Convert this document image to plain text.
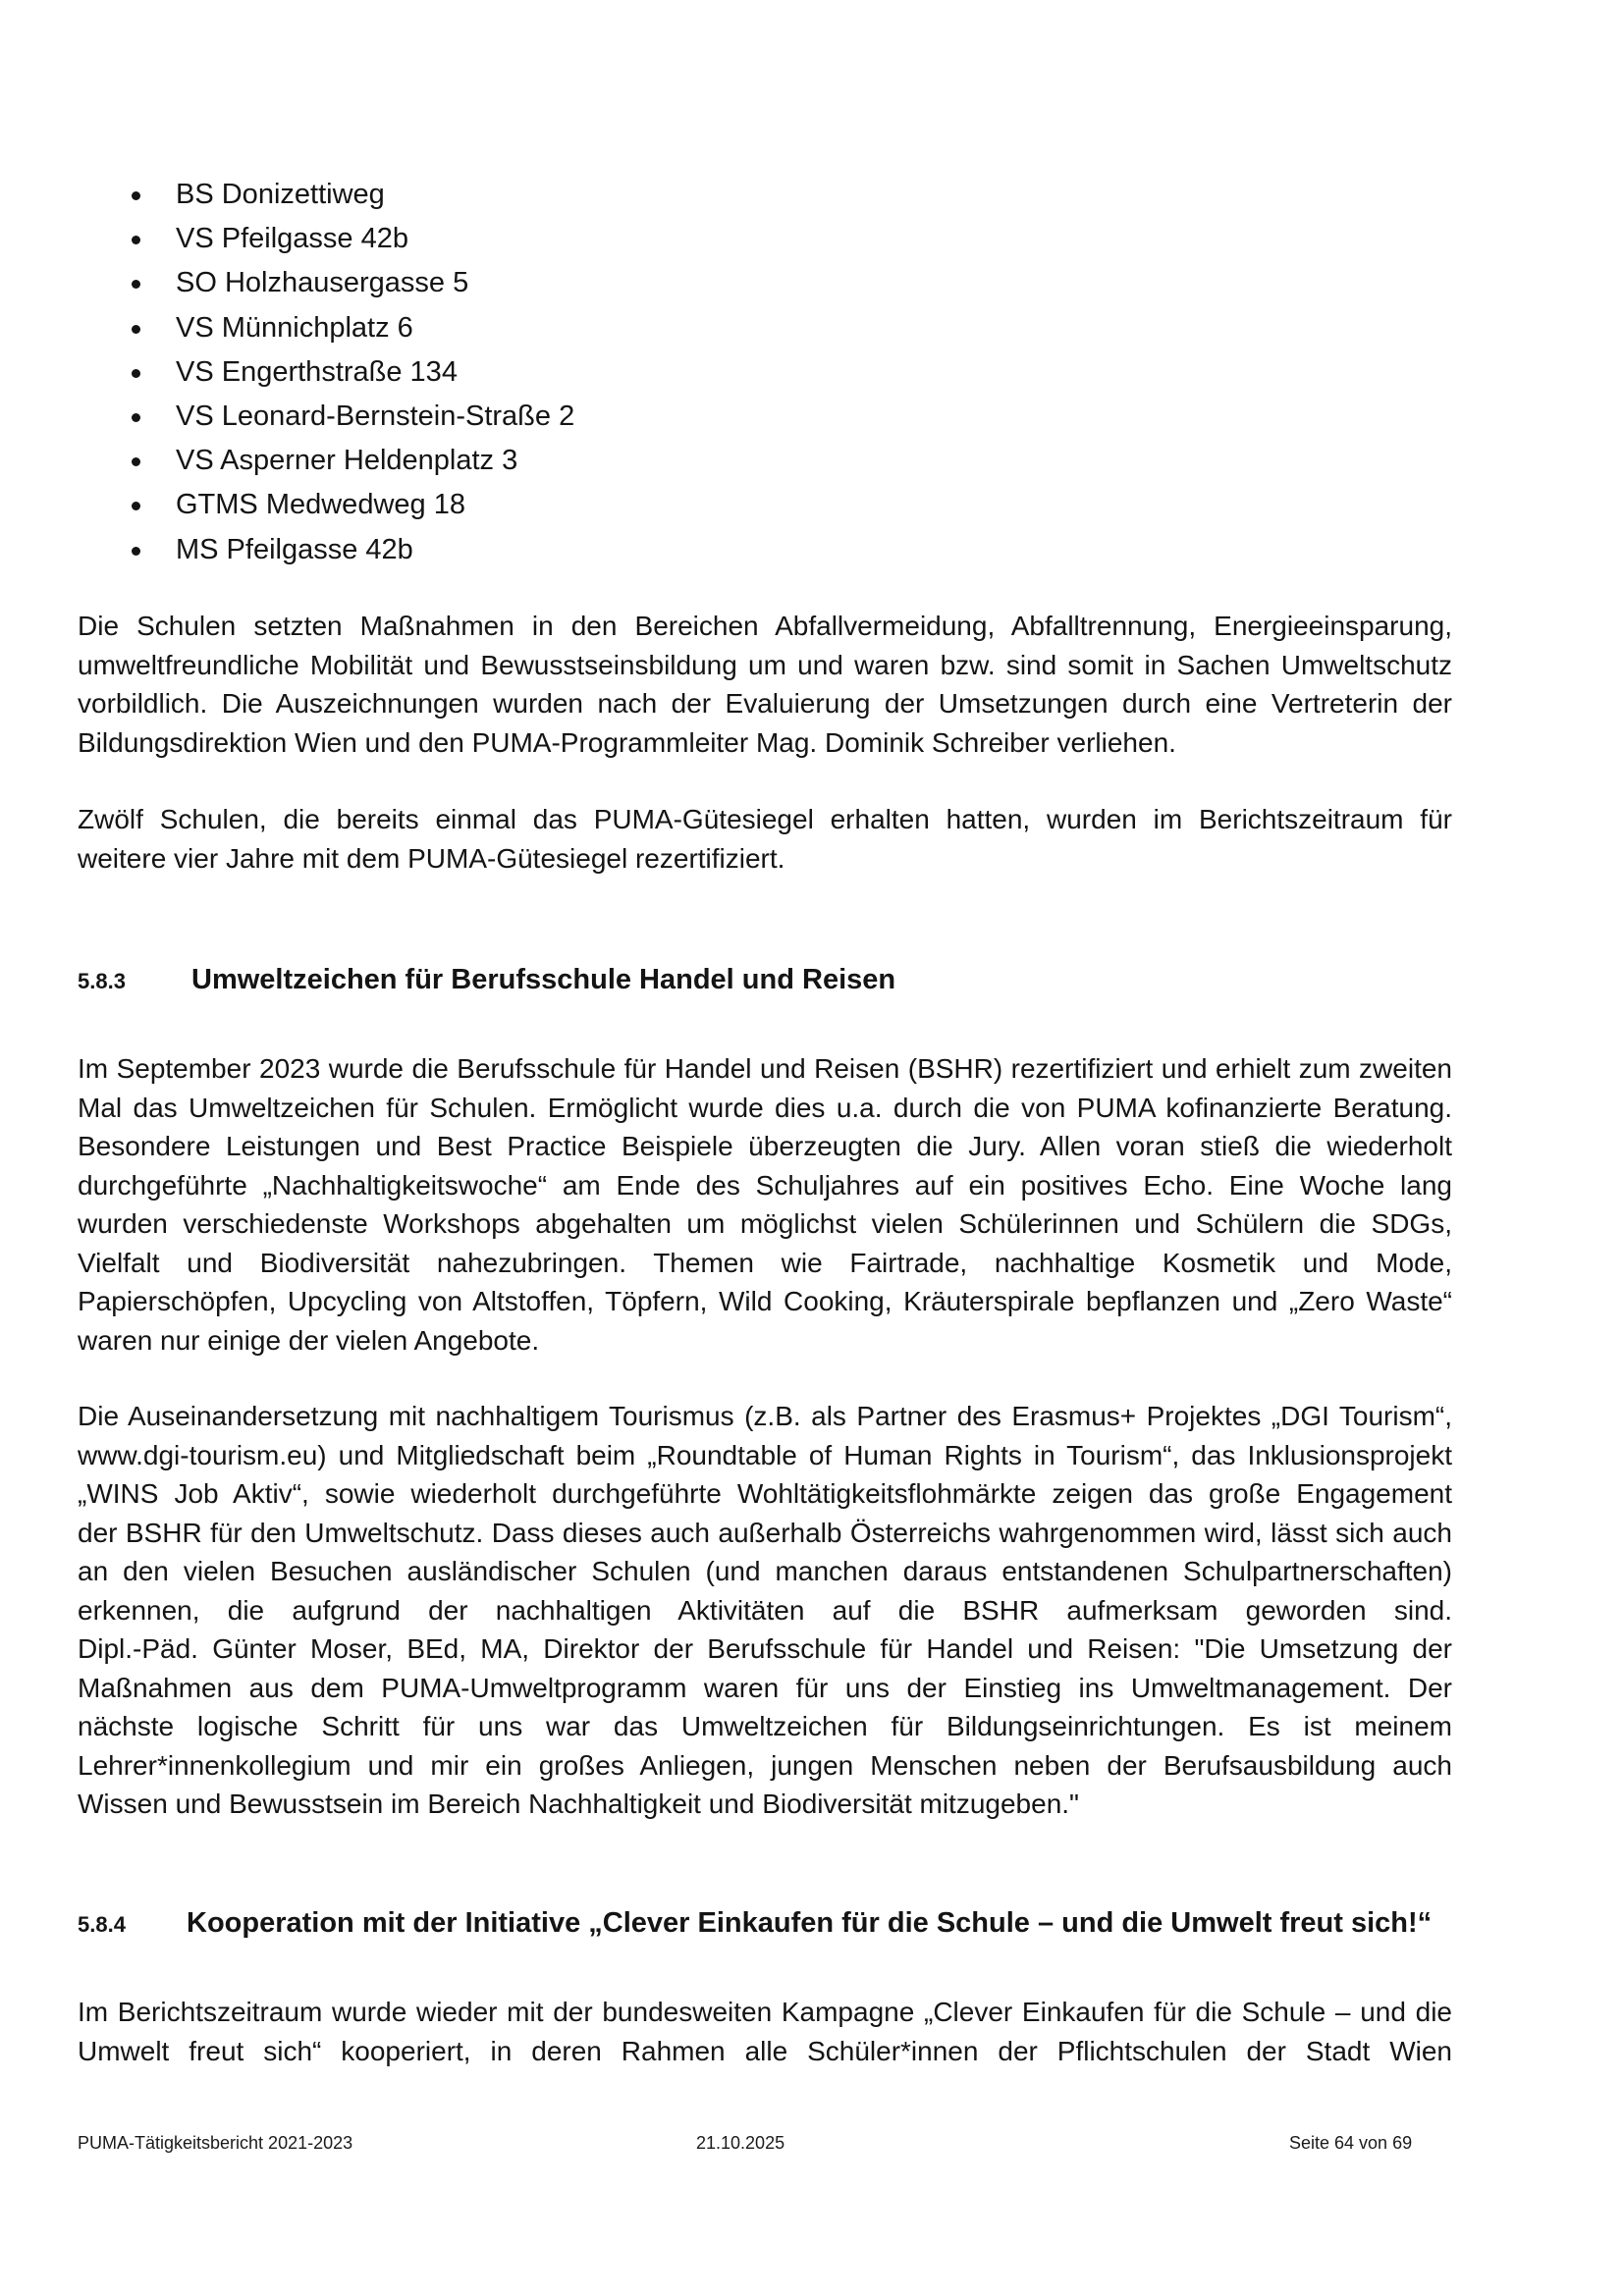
BS Donizettiweg
VS Pfeilgasse 42b
SO Holzhausergasse 5
VS Münnichplatz 6
VS Engerthstraße 134
VS Leonard-Bernstein-Straße 2
VS Asperner Heldenplatz 3
GTMS Medwedweg 18
MS Pfeilgasse 42b

Die Schulen setzten Maßnahmen in den Bereichen Abfallvermeidung, Abfalltrennung, Energieeinsparung,
umweltfreundliche Mobilität und Bewusstseinsbildung um und waren bzw. sind somit in Sachen Umweltschutz
vorbildlich. Die Auszeichnungen wurden nach der Evaluierung der Umsetzungen durch eine Vertreterin der
Bildungsdirektion Wien und den PUMA-Programmleiter Mag. Dominik Schreiber verliehen.

Zwölf Schulen, die bereits einmal das PUMA-Gütesiegel erhalten hatten, wurden im Berichtszeitraum für
weitere vier Jahre mit dem PUMA-Gütesiegel rezertifiziert.

5.8.3 Umweltzeichen für Berufsschule Handel und Reisen

Im September 2023 wurde die Berufsschule für Handel und Reisen (BSHR) rezertifiziert und erhielt zum zweiten
Mal das Umweltzeichen für Schulen. Ermöglicht wurde dies u.a. durch die von PUMA kofinanzierte Beratung.
Besondere Leistungen und Best Practice Beispiele überzeugten die Jury. Allen voran stieß die wiederholt
durchgeführte „Nachhaltigkeitswoche“ am Ende des Schuljahres auf ein positives Echo. Eine Woche lang
wurden verschiedenste Workshops abgehalten um möglichst vielen Schülerinnen und Schülern die SDGs,
Vielfalt und Biodiversität nahezubringen. Themen wie Fairtrade, nachhaltige Kosmetik und Mode,
Papierschöpfen, Upcycling von Altstoffen, Töpfern, Wild Cooking, Kräuterspirale bepflanzen und „Zero Waste“
waren nur einige der vielen Angebote.

Die Auseinandersetzung mit nachhaltigem Tourismus (z.B. als Partner des Erasmus+ Projektes „DGI Tourism“,
www.dgi-tourism.eu) und Mitgliedschaft beim „Roundtable of Human Rights in Tourism“, das Inklusionsprojekt
„WINS Job Aktiv“, sowie wiederholt durchgeführte Wohltätigkeitsflohmärkte zeigen das große Engagement
der BSHR für den Umweltschutz. Dass dieses auch außerhalb Österreichs wahrgenommen wird, lässt sich auch
an den vielen Besuchen ausländischer Schulen (und manchen daraus entstandenen Schulpartnerschaften)
erkennen, die aufgrund der nachhaltigen Aktivitäten auf die BSHR aufmerksam geworden sind.
Dipl.-Päd. Günter Moser, BEd, MA, Direktor der Berufsschule für Handel und Reisen: "Die Umsetzung der
Maßnahmen aus dem PUMA-Umweltprogramm waren für uns der Einstieg ins Umweltmanagement. Der
nächste logische Schritt für uns war das Umweltzeichen für Bildungseinrichtungen. Es ist meinem
Lehrer*innenkollegium und mir ein großes Anliegen, jungen Menschen neben der Berufsausbildung auch
Wissen und Bewusstsein im Bereich Nachhaltigkeit und Biodiversität mitzugeben."

5.8.4 Kooperation mit der Initiative „Clever Einkaufen für die Schule – und die Umwelt freut sich!“

Im Berichtszeitraum wurde wieder mit der bundesweiten Kampagne „Clever Einkaufen für die Schule – und die
Umwelt freut sich“ kooperiert, in deren Rahmen alle Schüler*innen der Pflichtschulen der Stadt Wien

PUMA-Tätigkeitsbericht 2021-2023	21.10.2025	Seite 64 von 69
